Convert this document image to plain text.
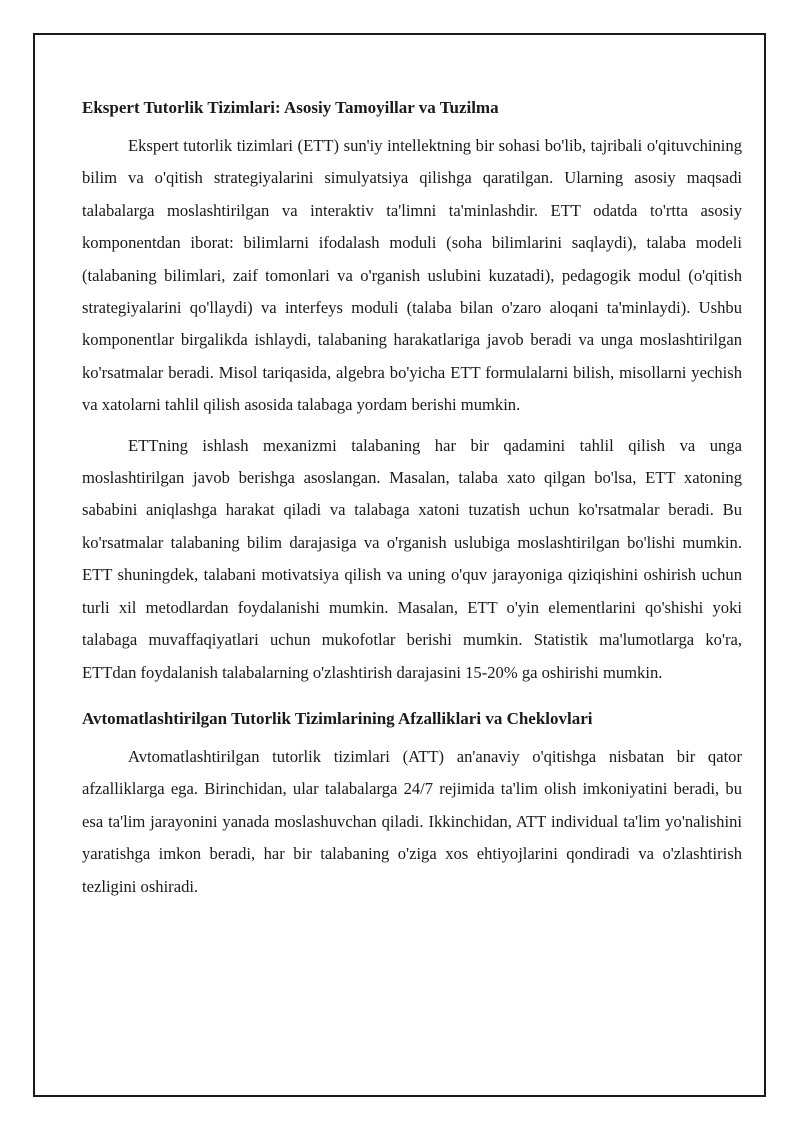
Ekspert Tutorlik Tizimlari: Asosiy Tamoyillar va Tuzilma

Ekspert tutorlik tizimlari (ETT) sun'iy intellektning bir sohasi bo'lib, tajribali o'qituvchining bilim va o'qitish strategiyalarini simulyatsiya qilishga qaratilgan. Ularning asosiy maqsadi talabalarga moslashtirilgan va interaktiv ta'limni ta'minlashdir. ETT odatda to'rtta asosiy komponentdan iborat: bilimlarni ifodalash moduli (soha bilimlarini saqlaydi), talaba modeli (talabaning bilimlari, zaif tomonlari va o'rganish uslubini kuzatadi), pedagogik modul (o'qitish strategiyalarini qo'llaydi) va interfeys moduli (talaba bilan o'zaro aloqani ta'minlaydi). Ushbu komponentlar birgalikda ishlaydi, talabaning harakatlariga javob beradi va unga moslashtirilgan ko'rsatmalar beradi. Misol tariqasida, algebra bo'yicha ETT formulalarni bilish, misollarni yechish va xatolarni tahlil qilish asosida talabaga yordam berishi mumkin.

ETTning ishlash mexanizmi talabaning har bir qadamini tahlil qilish va unga moslashtirilgan javob berishga asoslangan. Masalan, talaba xato qilgan bo'lsa, ETT xatoning sababini aniqlashga harakat qiladi va talabaga xatoni tuzatish uchun ko'rsatmalar beradi. Bu ko'rsatmalar talabaning bilim darajasiga va o'rganish uslubiga moslashtirilgan bo'lishi mumkin. ETT shuningdek, talabani motivatsiya qilish va uning o'quv jarayoniga qiziqishini oshirish uchun turli xil metodlardan foydalanishi mumkin. Masalan, ETT o'yin elementlarini qo'shishi yoki talabaga muvaffaqiyatlari uchun mukofotlar berishi mumkin. Statistik ma'lumotlarga ko'ra, ETTdan foydalanish talabalarning o'zlashtirish darajasini 15-20% ga oshirishi mumkin.

Avtomatlashtirilgan Tutorlik Tizimlarining Afzalliklari va Cheklovlari

Avtomatlashtirilgan tutorlik tizimlari (ATT) an'anaviy o'qitishga nisbatan bir qator afzalliklarga ega. Birinchidan, ular talabalarga 24/7 rejimida ta'lim olish imkoniyatini beradi, bu esa ta'lim jarayonini yanada moslashuvchan qiladi. Ikkinchidan, ATT individual ta'lim yo'nalishini yaratishga imkon beradi, har bir talabaning o'ziga xos ehtiyojlarini qondiradi va o'zlashtirish tezligini oshiradi.
